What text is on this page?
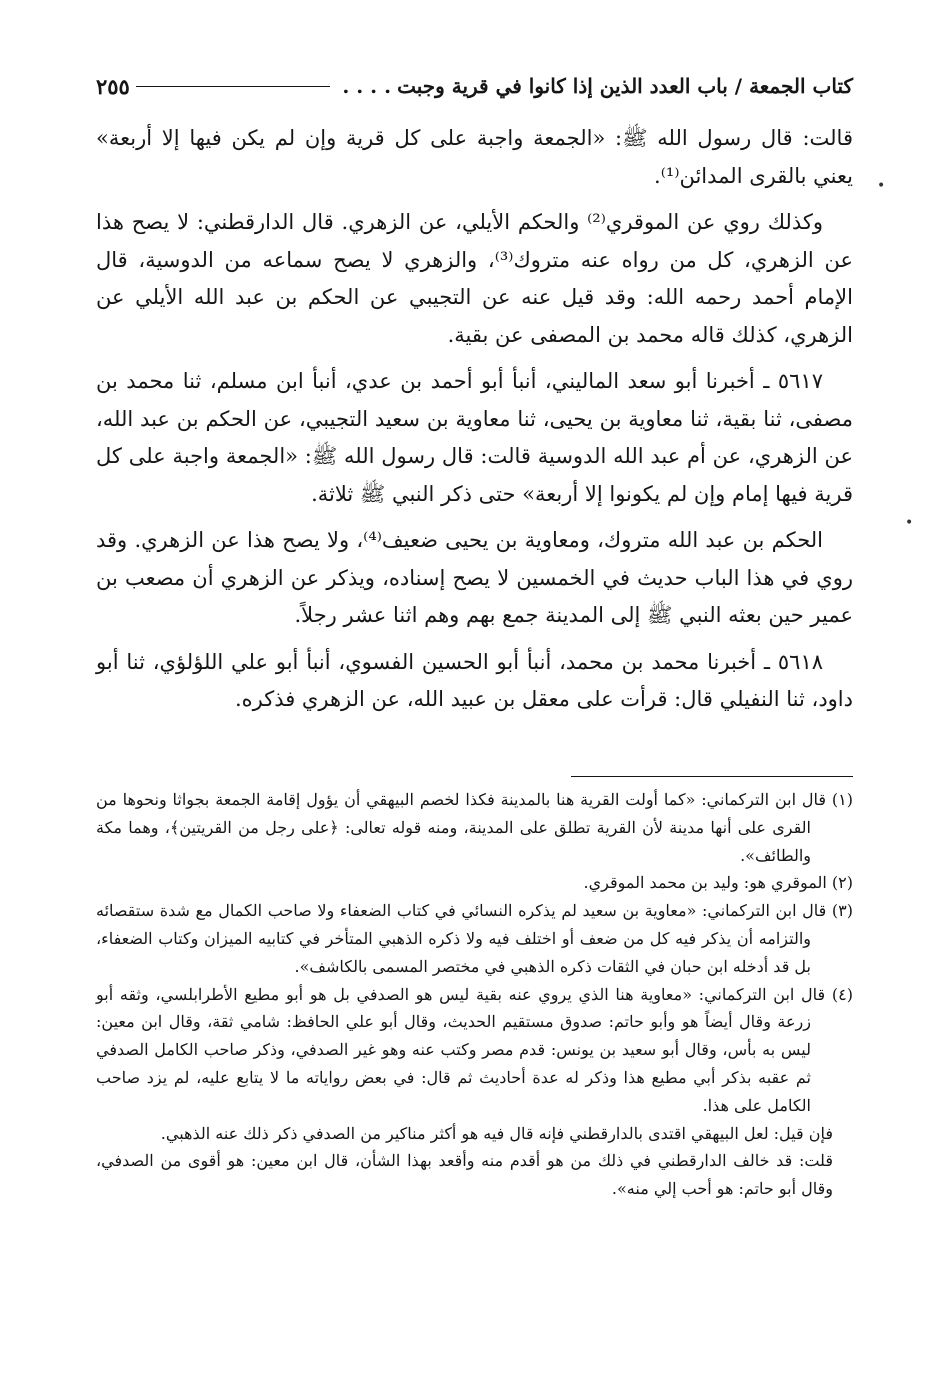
كتاب الجمعة / باب العدد الذين إذا كانوا في قرية وجبت
. . . .
٢٥٥

قالت: قال رسول الله ﷺ: «الجمعة واجبة على كل قرية وإن لم يكن فيها إلا أربعة» يعني بالقرى المدائن⁽¹⁾.

وكذلك روي عن الموقري⁽²⁾ والحكم الأيلي، عن الزهري. قال الدارقطني: لا يصح هذا عن الزهري، كل من رواه عنه متروك⁽³⁾، والزهري لا يصح سماعه من الدوسية، قال الإمام أحمد رحمه الله: وقد قيل عنه عن التجيبي عن الحكم بن عبد الله الأيلي عن الزهري، كذلك قاله محمد بن المصفى عن بقية.

٥٦١٧ ـ أخبرنا أبو سعد الماليني، أنبأ أبو أحمد بن عدي، أنبأ ابن مسلم، ثنا محمد بن مصفى، ثنا بقية، ثنا معاوية بن يحيى، ثنا معاوية بن سعيد التجيبي، عن الحكم بن عبد الله، عن الزهري، عن أم عبد الله الدوسية قالت: قال رسول الله ﷺ: «الجمعة واجبة على كل قرية فيها إمام وإن لم يكونوا إلا أربعة» حتى ذكر النبي ﷺ ثلاثة.

الحكم بن عبد الله متروك، ومعاوية بن يحيى ضعيف⁽⁴⁾، ولا يصح هذا عن الزهري. وقد روي في هذا الباب حديث في الخمسين لا يصح إسناده، ويذكر عن الزهري أن مصعب بن عمير حين بعثه النبي ﷺ إلى المدينة جمع بهم وهم اثنا عشر رجلاً.

٥٦١٨ ـ أخبرنا محمد بن محمد، أنبأ أبو الحسين الفسوي، أنبأ أبو علي اللؤلؤي، ثنا أبو داود، ثنا النفيلي قال: قرأت على معقل بن عبيد الله، عن الزهري فذكره.

(١) قال ابن التركماني: «كما أولت القرية هنا بالمدينة فكذا لخصم البيهقي أن يؤول إقامة الجمعة بجواثا ونحوها من القرى على أنها مدينة لأن القرية تطلق على المدينة، ومنه قوله تعالى: ﴿على رجل من القريتين﴾، وهما مكة والطائف».

(٢) الموقري هو: وليد بن محمد الموقري.

(٣) قال ابن التركماني: «معاوية بن سعيد لم يذكره النسائي في كتاب الضعفاء ولا صاحب الكمال مع شدة ستقصائه والتزامه أن يذكر فيه كل من ضعف أو اختلف فيه ولا ذكره الذهبي المتأخر في كتابيه الميزان وكتاب الضعفاء، بل قد أدخله ابن حبان في الثقات ذكره الذهبي في مختصر المسمى بالكاشف».

(٤) قال ابن التركماني: «معاوية هنا الذي يروي عنه بقية ليس هو الصدفي بل هو أبو مطيع الأطرابلسي، وثقه أبو زرعة وقال أيضاً هو وأبو حاتم: صدوق مستقيم الحديث، وقال أبو علي الحافظ: شامي ثقة، وقال ابن معين: ليس به بأس، وقال أبو سعيد بن يونس: قدم مصر وكتب عنه وهو غير الصدفي، وذكر صاحب الكامل الصدفي ثم عقبه بذكر أبي مطيع هذا وذكر له عدة أحاديث ثم قال: في بعض رواياته ما لا يتابع عليه، لم يزد صاحب الكامل على هذا.

فإن قيل: لعل البيهقي اقتدى بالدارقطني فإنه قال فيه هو أكثر مناكير من الصدفي ذكر ذلك عنه الذهبي.

قلت: قد خالف الدارقطني في ذلك من هو أقدم منه وأقعد بهذا الشأن، قال ابن معين: هو أقوى من الصدفي، وقال أبو حاتم: هو أحب إلي منه».

•
•
